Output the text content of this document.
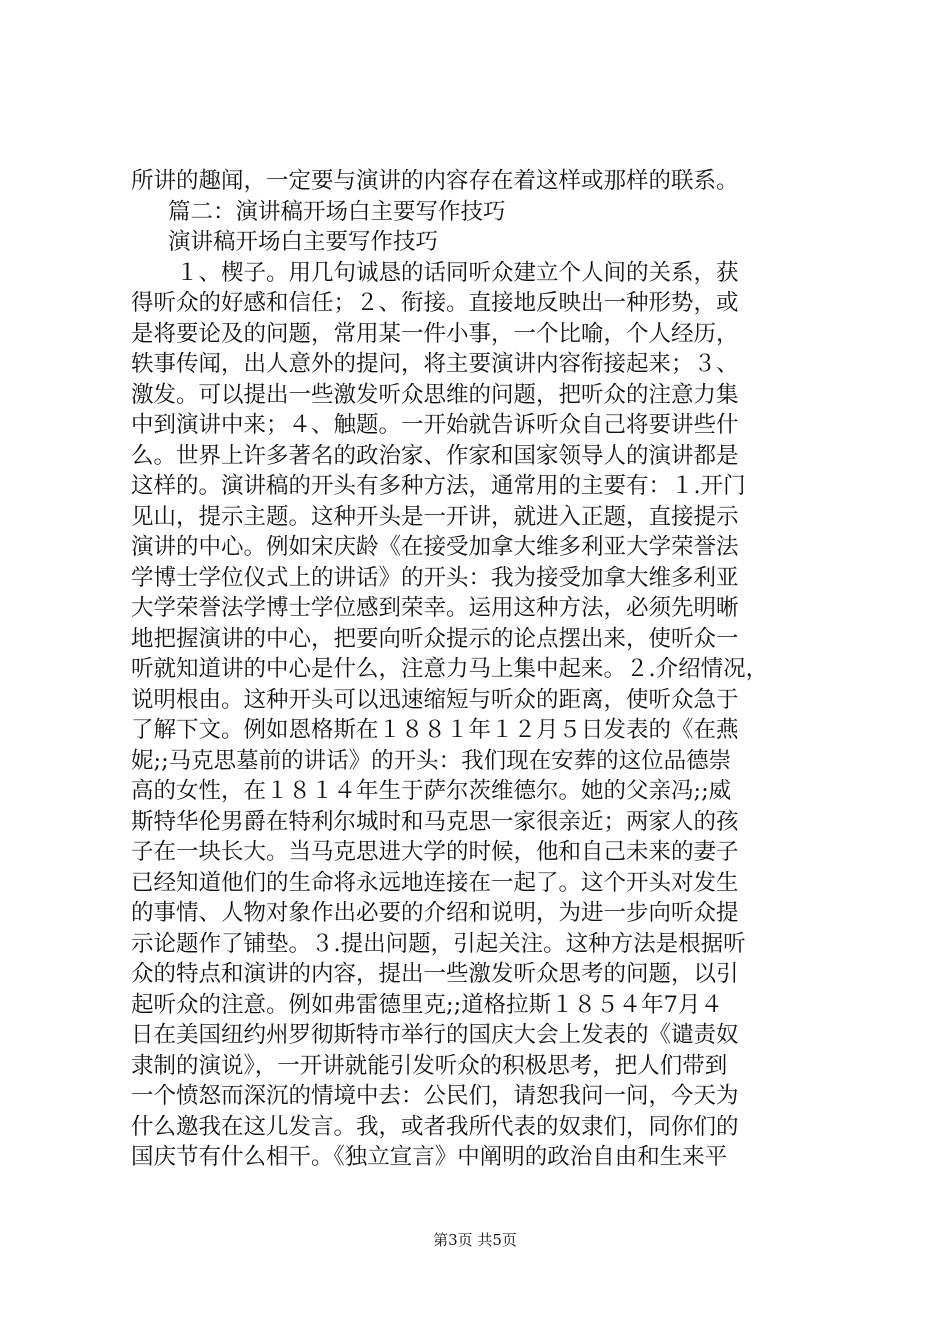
所讲的趣闻，一定要与演讲的内容存在着这样或那样的联系。
篇二：演讲稿开场白主要写作技巧
演讲稿开场白主要写作技巧
１、楔子。用几句诚恳的话同听众建立个人间的关系，获
得听众的好感和信任；２、衔接。直接地反映出一种形势，或
是将要论及的问题，常用某一件小事，一个比喻，个人经历，
轶事传闻，出人意外的提问，将主要演讲内容衔接起来；３、
激发。可以提出一些激发听众思维的问题，把听众的注意力集
中到演讲中来；４、触题。一开始就告诉听众自己将要讲些什
么。世界上许多著名的政治家、作家和国家领导人的演讲都是
这样的。演讲稿的开头有多种方法，通常用的主要有：１.开门
见山，提示主题。这种开头是一开讲，就进入正题，直接提示
演讲的中心。例如宋庆龄《在接受加拿大维多利亚大学荣誉法
学博士学位仪式上的讲话》的开头：我为接受加拿大维多利亚
大学荣誉法学博士学位感到荣幸。运用这种方法，必须先明晰
地把握演讲的中心，把要向听众提示的论点摆出来，使听众一
听就知道讲的中心是什么，注意力马上集中起来。２.介绍情况，
说明根由。这种开头可以迅速缩短与听众的距离，使听众急于
了解下文。例如恩格斯在１８８１年１２月５日发表的《在燕
妮;;马克思墓前的讲话》的开头：我们现在安葬的这位品德崇
高的女性，在１８１４年生于萨尔茨维德尔。她的父亲冯;;威
斯特华伦男爵在特利尔城时和马克思一家很亲近；两家人的孩
子在一块长大。当马克思进大学的时候，他和自己未来的妻子
已经知道他们的生命将永远地连接在一起了。这个开头对发生
的事情、人物对象作出必要的介绍和说明，为进一步向听众提
示论题作了铺垫。３.提出问题，引起关注。这种方法是根据听
众的特点和演讲的内容，提出一些激发听众思考的问题，以引
起听众的注意。例如弗雷德里克;;道格拉斯１８５４年7月４
日在美国纽约州罗彻斯特市举行的国庆大会上发表的《谴责奴
隶制的演说》，一开讲就能引发听众的积极思考，把人们带到
一个愤怒而深沉的情境中去：公民们，请恕我问一问，今天为
什么邀我在这儿发言。我，或者我所代表的奴隶们，同你们的
国庆节有什么相干。《独立宣言》中阐明的政治自由和生来平
第3页 共5页
